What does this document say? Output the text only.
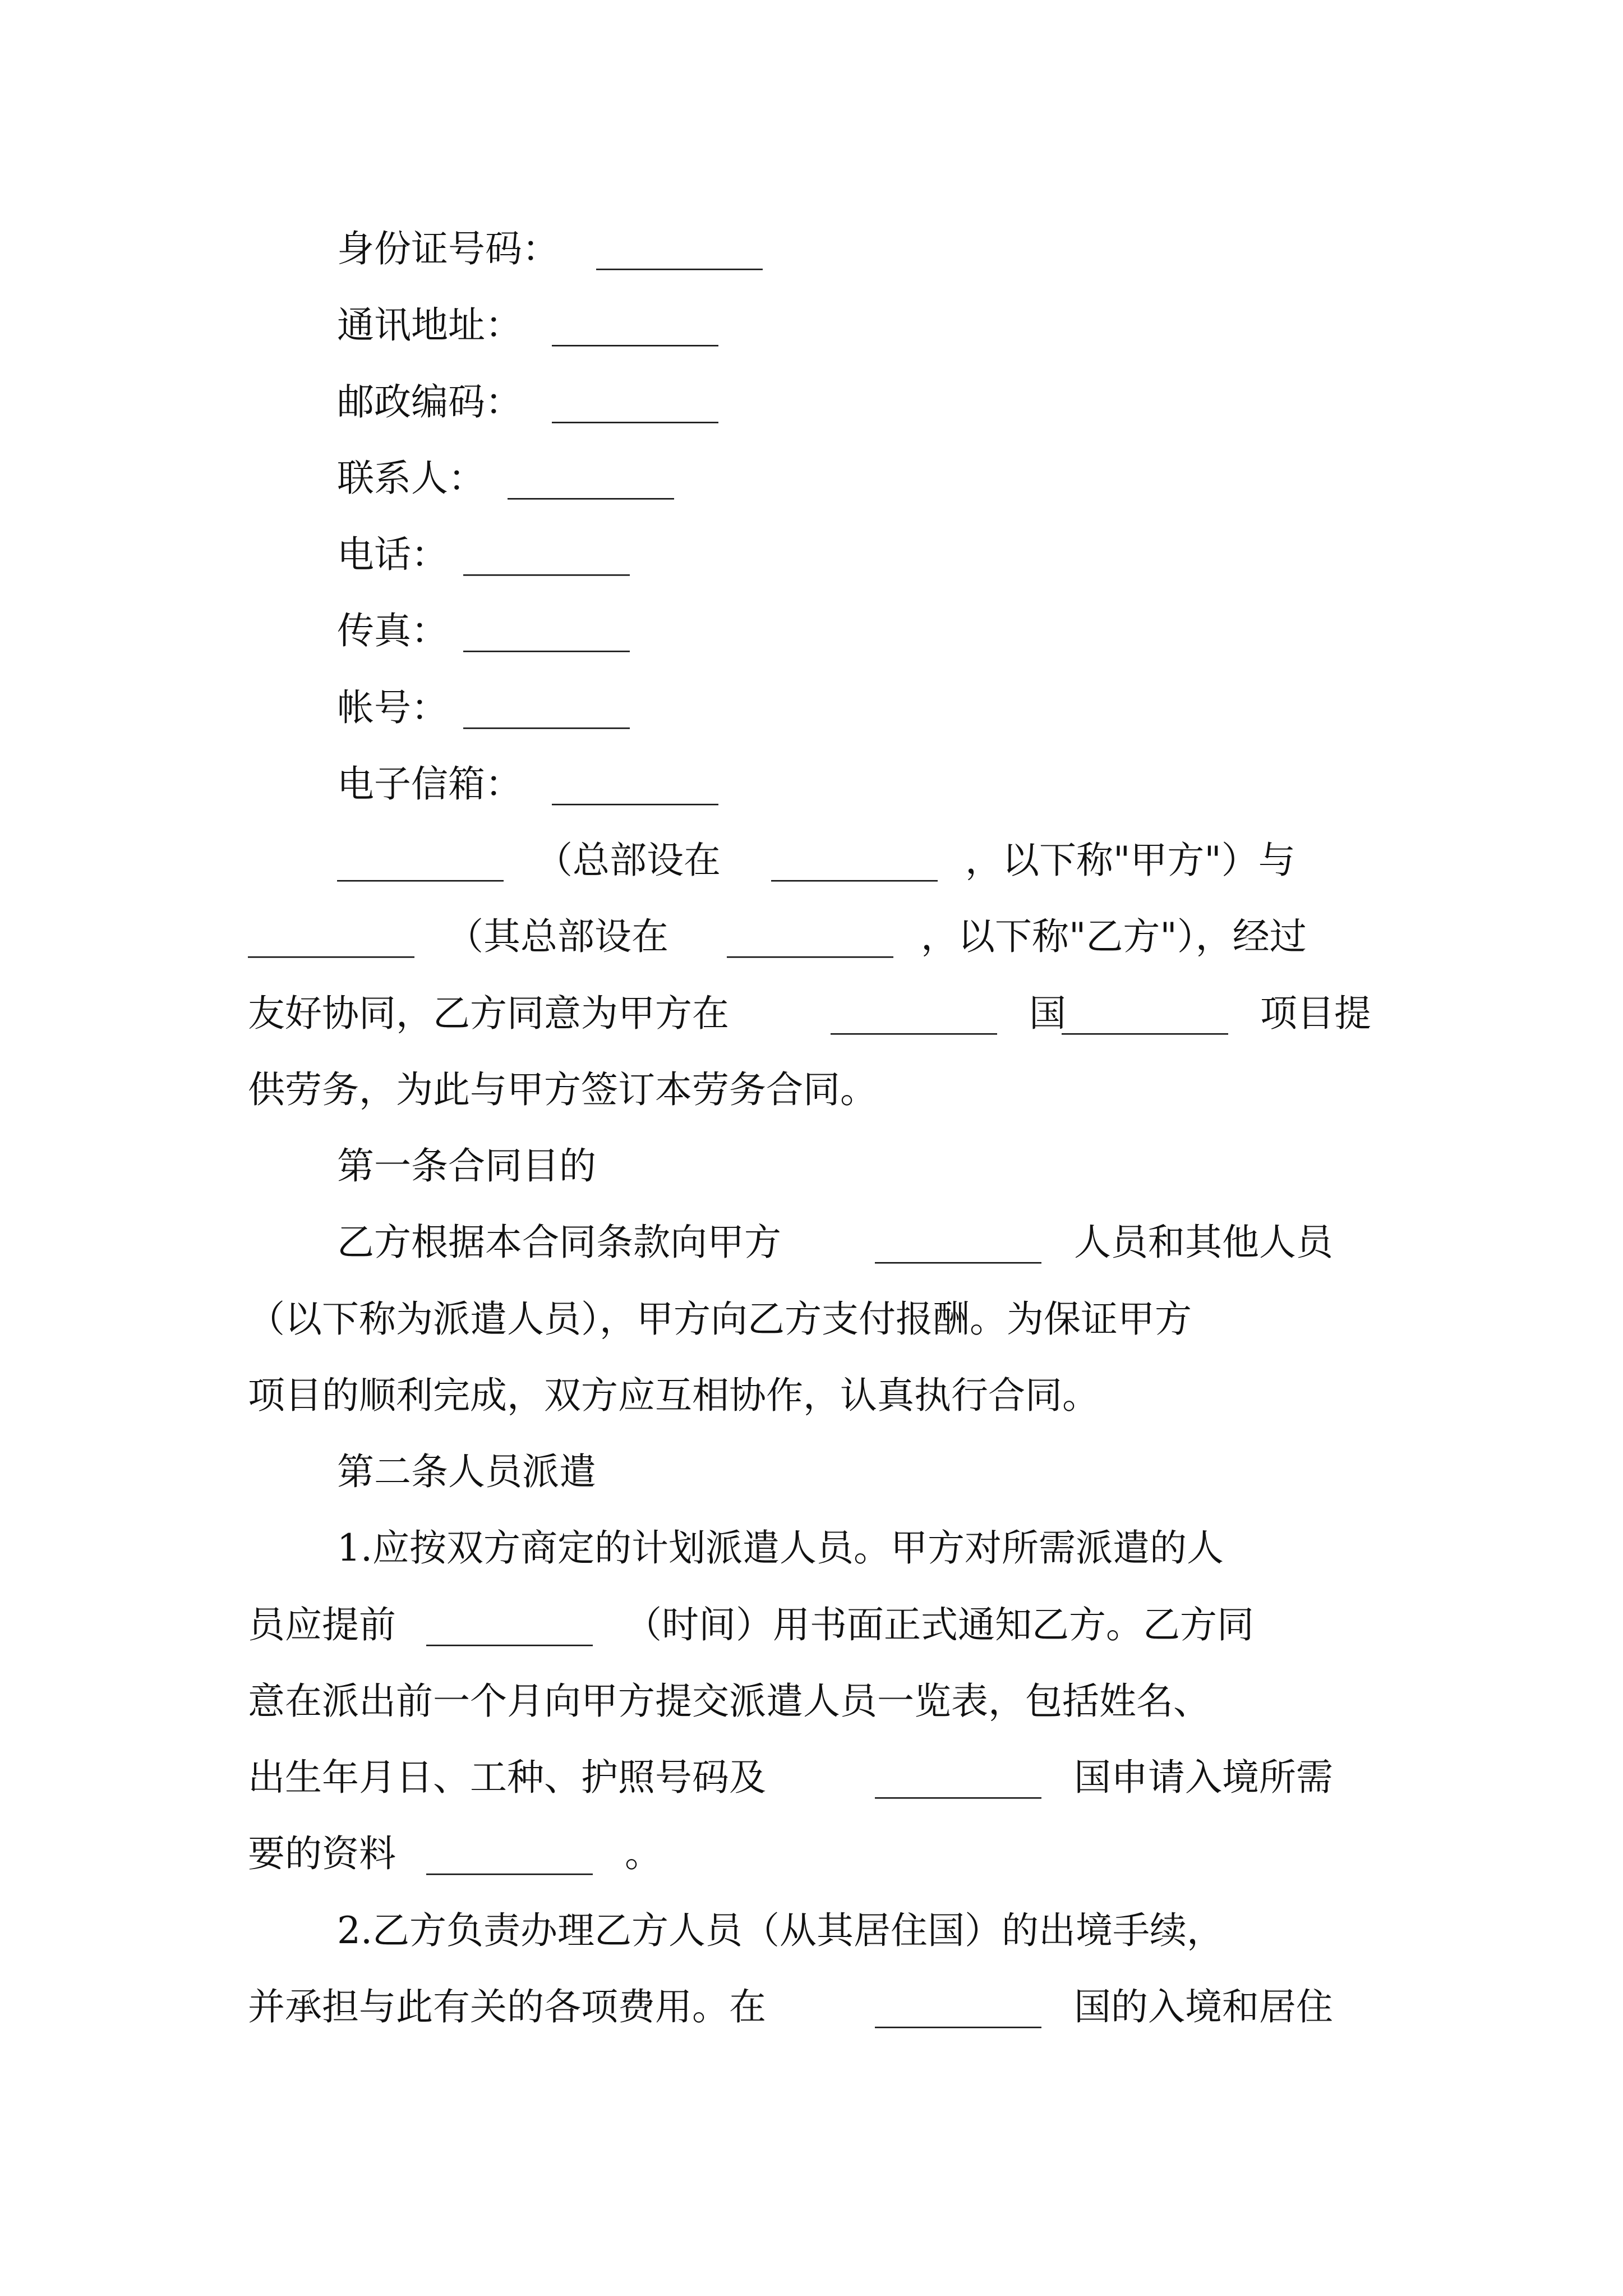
身份证号码： _________
通讯地址： _________
邮政编码： _________
联系人： _________
电话： _________
传真： _________
帐号： _________
电子信箱： _________
_________ （总部设在 _________ ，以下称"甲方"）与
_________ （其总部设在 _________ ，以下称"乙方"），经过
友好协同，乙方同意为甲方在	_________ 国
_________ 项目提
供劳务，为此与甲方签订本劳务合同。
第一条合同目的
乙方根据本合同条款向甲方	_________ 人员和其他人员
（以下称为派遣人员），甲方向乙方支付报酬。为保证甲方
项目的顺利完成，双方应互相协作，认真执行合同。
第二条人员派遣
1.应按双方商定的计划派遣人员。甲方对所需派遣的人
员应提前 _________ （时间）用书面正式通知乙方。乙方同
意在派出前一个月向甲方提交派遣人员一览表，包括姓名、
出生年月日、工种、护照号码及	_________ 国申请入境所需
要的资料 _________ 。
2.乙方负责办理乙方人员（从其居住国）的出境手续，
并承担与此有关的各项费用。在	_________ 国的入境和居住
